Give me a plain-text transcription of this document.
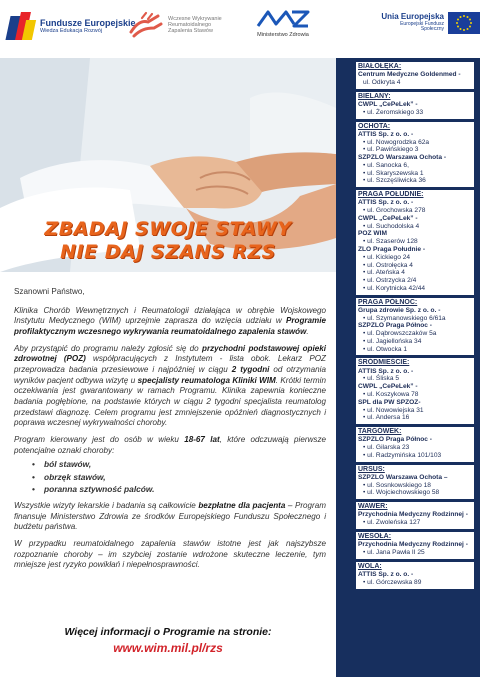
Fundusze Europejskie
Wiedza Edukacja Rozwój
Wczesne Wykrywanie Reumatoidalnego Zapalenia Stawów
Ministerstwo Zdrowia
Unia Europejska
Europejski Fundusz Społeczny
ZBADAJ SWOJE STAWY
NIE DAJ SZANS RZS

Szanowni Państwo,

Klinika Chorób Wewnętrznych i Reumatologii działająca w obrębie Wojskowego Instytutu Medycznego (WIM) uprzejmie zaprasza do wzięcia udziału w Programie profilaktycznym wczesnego wykrywania reumatoidalnego zapalenia stawów.

Aby przystąpić do programu należy zgłosić się do przychodni podstawowej opieki zdrowotnej (POZ) współpracujących z Instytutem - lista obok. Lekarz POZ przeprowadza badania przesiewowe i najpóźniej w ciągu 2 tygodni od otrzymania wyników pacjent odbywa wizytę u specjalisty reumatologa Kliniki WIM. Krótki termin oczekiwania jest gwarantowany w ramach Programu. Klinika zapewnia konieczne badania pogłębione, na podstawie których w ciągu 2 tygodni specjalista reumatolog przedstawi diagnozę. Celem programu jest zmniejszenie opóźnień diagnostycznych i poprawa wczesnej wykrywalności choroby.

Program kierowany jest do osób w wieku 18-67 lat, które odczuwają pierwsze potencjalne oznaki choroby:

• ból stawów,
• obrzęk stawów,
• poranna sztywność palców.

Wszystkie wizyty lekarskie i badania są całkowicie bezpłatne dla pacjenta – Program finansuje Ministerstwo Zdrowia ze środków Europejskiego Funduszu Społecznego i budżetu państwa.

W przypadku reumatoidalnego zapalenia stawów istotne jest jak najszybsze rozpoznanie choroby – im szybciej zostanie wdrożone skuteczne leczenie, tym mniejsze jest ryzyko powikłań i niepełnosprawności.

Więcej informacji o Programie na stronie:
www.wim.mil.pl/rzs
BIAŁOŁĘKA:
Centrum Medyczne Goldenmed -
ul. Odkryta 4
BIELANY:
CWPL „CePeLek” -
• ul. Żeromskiego 33
OCHOTA:
ATTIS Sp. z o. o. -
• ul. Nowogrodzka 62a
• ul. Pawińskiego 3
SZPZLO Warszawa Ochota -
• ul. Sanocka 6,
• ul. Skaryszewska 1
• ul. Szczęśliwicka 36
PRAGA POŁUDNIE:
ATTIS Sp. z o. o. -
• ul. Grochowska 278
CWPL „CePeLek” -
• ul. Suchodolska 4
POZ WIM
• ul. Szaserów 128
ZLO Praga Południe -
• ul. Kickiego 24
• ul. Ostrołęcka 4
• ul. Ateńska 4
• ul. Ostrzycka 2/4
• ul. Korytnicka 42/44
PRAGA PÓŁNOC:
Grupa zdrowie Sp. z o. o. -
• ul. Szymanowskiego 6/61a
SZPZLO Praga Północ -
• ul. Dąbrowszczaków 5a
• ul. Jagiellońska 34
• ul. Otwocka 1
ŚRÓDMIEŚCIE:
ATTIS Sp. z o. o. -
• ul. Śliska 5
CWPL „CePeLek” -
• ul. Koszykowa 78
SPL dla PW SPZOZ-
• ul. Nowowiejska 31
• ul. Andersa 16
TARGÓWEK:
SZPZLO Praga Północ -
• ul. Gilarska 23
• ul. Radzymińska 101/103
URSUS:
SZPZLO Warszawa Ochota –
• ul. Sosnkowskiego 18
• ul. Wojciechowskiego 58
WAWER:
Przychodnia Medyczny Rodzinnej -
• ul. Zwoleńska 127
WESOŁA:
Przychodnia Medyczny Rodzinnej -
• ul. Jana Pawła II 25
WOLA:
ATTIS Sp. z o. o. -
• ul. Górczewska 89
